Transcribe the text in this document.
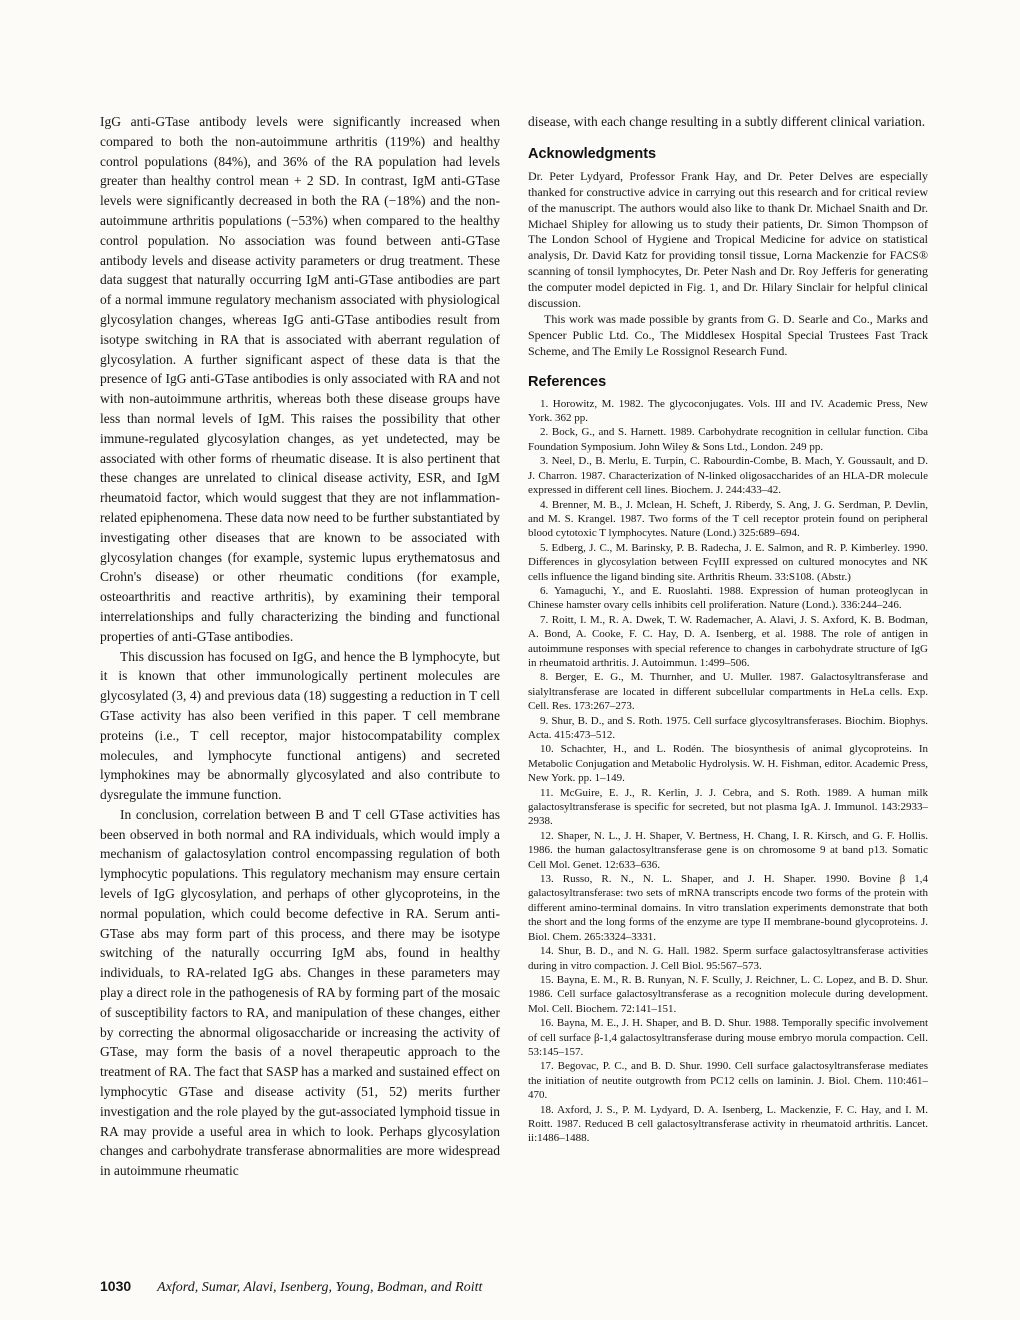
IgG anti-GTase antibody levels were significantly increased when compared to both the non-autoimmune arthritis (119%) and healthy control populations (84%), and 36% of the RA population had levels greater than healthy control mean + 2 SD. In contrast, IgM anti-GTase levels were significantly decreased in both the RA (−18%) and the non-autoimmune arthritis populations (−53%) when compared to the healthy control population. No association was found between anti-GTase antibody levels and disease activity parameters or drug treatment. These data suggest that naturally occurring IgM anti-GTase antibodies are part of a normal immune regulatory mechanism associated with physiological glycosylation changes, whereas IgG anti-GTase antibodies result from isotype switching in RA that is associated with aberrant regulation of glycosylation. A further significant aspect of these data is that the presence of IgG anti-GTase antibodies is only associated with RA and not with non-autoimmune arthritis, whereas both these disease groups have less than normal levels of IgM. This raises the possibility that other immune-regulated glycosylation changes, as yet undetected, may be associated with other forms of rheumatic disease. It is also pertinent that these changes are unrelated to clinical disease activity, ESR, and IgM rheumatoid factor, which would suggest that they are not inflammation-related epiphenomena. These data now need to be further substantiated by investigating other diseases that are known to be associated with glycosylation changes (for example, systemic lupus erythematosus and Crohn's disease) or other rheumatic conditions (for example, osteoarthritis and reactive arthritis), by examining their temporal interrelationships and fully characterizing the binding and functional properties of anti-GTase antibodies.

This discussion has focused on IgG, and hence the B lymphocyte, but it is known that other immunologically pertinent molecules are glycosylated (3, 4) and previous data (18) suggesting a reduction in T cell GTase activity has also been verified in this paper. T cell membrane proteins (i.e., T cell receptor, major histocompatability complex molecules, and lymphocyte functional antigens) and secreted lymphokines may be abnormally glycosylated and also contribute to dysregulate the immune function.

In conclusion, correlation between B and T cell GTase activities has been observed in both normal and RA individuals, which would imply a mechanism of galactosylation control encompassing regulation of both lymphocytic populations. This regulatory mechanism may ensure certain levels of IgG glycosylation, and perhaps of other glycoproteins, in the normal population, which could become defective in RA. Serum anti-GTase abs may form part of this process, and there may be isotype switching of the naturally occurring IgM abs, found in healthy individuals, to RA-related IgG abs. Changes in these parameters may play a direct role in the pathogenesis of RA by forming part of the mosaic of susceptibility factors to RA, and manipulation of these changes, either by correcting the abnormal oligosaccharide or increasing the activity of GTase, may form the basis of a novel therapeutic approach to the treatment of RA. The fact that SASP has a marked and sustained effect on lymphocytic GTase and disease activity (51, 52) merits further investigation and the role played by the gut-associated lymphoid tissue in RA may provide a useful area in which to look. Perhaps glycosylation changes and carbohydrate transferase abnormalities are more widespread in autoimmune rheumatic

disease, with each change resulting in a subtly different clinical variation.

Acknowledgments

Dr. Peter Lydyard, Professor Frank Hay, and Dr. Peter Delves are especially thanked for constructive advice in carrying out this research and for critical review of the manuscript. The authors would also like to thank Dr. Michael Snaith and Dr. Michael Shipley for allowing us to study their patients, Dr. Simon Thompson of The London School of Hygiene and Tropical Medicine for advice on statistical analysis, Dr. David Katz for providing tonsil tissue, Lorna Mackenzie for FACS® scanning of tonsil lymphocytes, Dr. Peter Nash and Dr. Roy Jefferis for generating the computer model depicted in Fig. 1, and Dr. Hilary Sinclair for helpful clinical discussion.

This work was made possible by grants from G. D. Searle and Co., Marks and Spencer Public Ltd. Co., The Middlesex Hospital Special Trustees Fast Track Scheme, and The Emily Le Rossignol Research Fund.

References

1. Horowitz, M. 1982. The glycoconjugates. Vols. III and IV. Academic Press, New York. 362 pp.

2. Bock, G., and S. Harnett. 1989. Carbohydrate recognition in cellular function. Ciba Foundation Symposium. John Wiley & Sons Ltd., London. 249 pp.

3. Neel, D., B. Merlu, E. Turpin, C. Rabourdin-Combe, B. Mach, Y. Goussault, and D. J. Charron. 1987. Characterization of N-linked oligosaccharides of an HLA-DR molecule expressed in different cell lines. Biochem. J. 244:433–42.

4. Brenner, M. B., J. Mclean, H. Scheft, J. Riberdy, S. Ang, J. G. Serdman, P. Devlin, and M. S. Krangel. 1987. Two forms of the T cell receptor protein found on peripheral blood cytotoxic T lymphocytes. Nature (Lond.) 325:689–694.

5. Edberg, J. C., M. Barinsky, P. B. Radecha, J. E. Salmon, and R. P. Kimberley. 1990. Differences in glycosylation between FcγIII expressed on cultured monocytes and NK cells influence the ligand binding site. Arthritis Rheum. 33:S108. (Abstr.)

6. Yamaguchi, Y., and E. Ruoslahti. 1988. Expression of human proteoglycan in Chinese hamster ovary cells inhibits cell proliferation. Nature (Lond.). 336:244–246.

7. Roitt, I. M., R. A. Dwek, T. W. Rademacher, A. Alavi, J. S. Axford, K. B. Bodman, A. Bond, A. Cooke, F. C. Hay, D. A. Isenberg, et al. 1988. The role of antigen in autoimmune responses with special reference to changes in carbohydrate structure of IgG in rheumatoid arthritis. J. Autoimmun. 1:499–506.

8. Berger, E. G., M. Thurnher, and U. Muller. 1987. Galactosyltransferase and sialyltransferase are located in different subcellular compartments in HeLa cells. Exp. Cell. Res. 173:267–273.

9. Shur, B. D., and S. Roth. 1975. Cell surface glycosyltransferases. Biochim. Biophys. Acta. 415:473–512.

10. Schachter, H., and L. Rodén. The biosynthesis of animal glycoproteins. In Metabolic Conjugation and Metabolic Hydrolysis. W. H. Fishman, editor. Academic Press, New York. pp. 1–149.

11. McGuire, E. J., R. Kerlin, J. J. Cebra, and S. Roth. 1989. A human milk galactosyltransferase is specific for secreted, but not plasma IgA. J. Immunol. 143:2933–2938.

12. Shaper, N. L., J. H. Shaper, V. Bertness, H. Chang, I. R. Kirsch, and G. F. Hollis. 1986. the human galactosyltransferase gene is on chromosome 9 at band p13. Somatic Cell Mol. Genet. 12:633–636.

13. Russo, R. N., N. L. Shaper, and J. H. Shaper. 1990. Bovine β 1,4 galactosyltransferase: two sets of mRNA transcripts encode two forms of the protein with different amino-terminal domains. In vitro translation experiments demonstrate that both the short and the long forms of the enzyme are type II membrane-bound glycoproteins. J. Biol. Chem. 265:3324–3331.

14. Shur, B. D., and N. G. Hall. 1982. Sperm surface galactosyltransferase activities during in vitro compaction. J. Cell Biol. 95:567–573.

15. Bayna, E. M., R. B. Runyan, N. F. Scully, J. Reichner, L. C. Lopez, and B. D. Shur. 1986. Cell surface galactosyltransferase as a recognition molecule during development. Mol. Cell. Biochem. 72:141–151.

16. Bayna, M. E., J. H. Shaper, and B. D. Shur. 1988. Temporally specific involvement of cell surface β-1,4 galactosyltransferase during mouse embryo morula compaction. Cell. 53:145–157.

17. Begovac, P. C., and B. D. Shur. 1990. Cell surface galactosyltransferase mediates the initiation of neutite outgrowth from PC12 cells on laminin. J. Biol. Chem. 110:461–470.

18. Axford, J. S., P. M. Lydyard, D. A. Isenberg, L. Mackenzie, F. C. Hay, and I. M. Roitt. 1987. Reduced B cell galactosyltransferase activity in rheumatoid arthritis. Lancet. ii:1486–1488.

1030 Axford, Sumar, Alavi, Isenberg, Young, Bodman, and Roitt
